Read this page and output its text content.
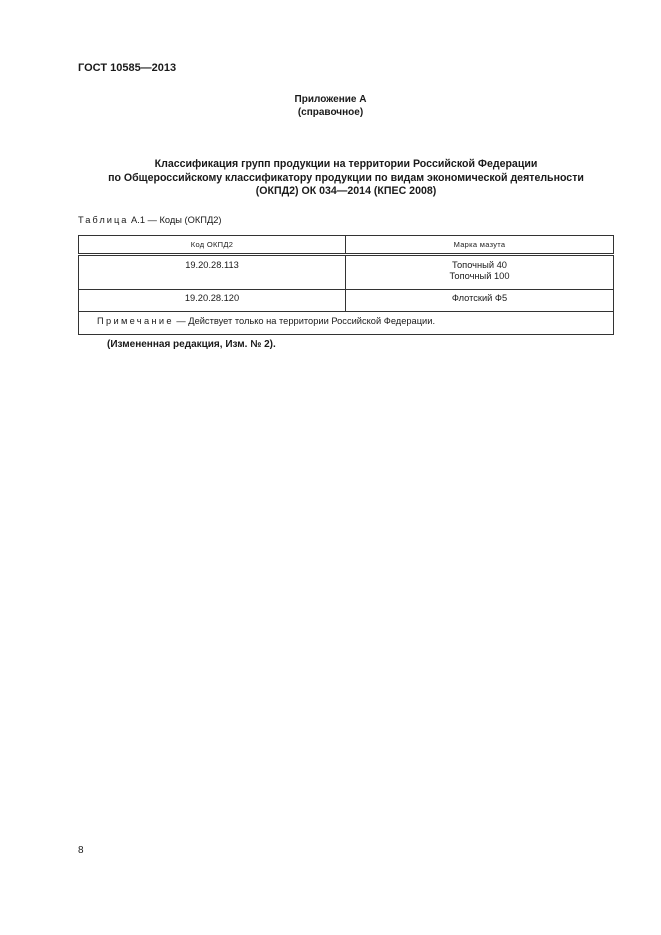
ГОСТ 10585—2013
Приложение А
(справочное)
Классификация групп продукции на территории Российской Федерации
по Общероссийскому классификатору продукции по видам экономической деятельности
(ОКПД2) ОК 034—2014 (КПЕС 2008)
Таблица А.1 — Коды (ОКПД2)
Код ОКПД2	Марка мазута
19.20.28.113	Топочный 40
Топочный 100

19.20.28.120	Флотский Ф5

Примечание — Действует только на территории Российской Федерации.	
(Измененная редакция, Изм. № 2).
8
